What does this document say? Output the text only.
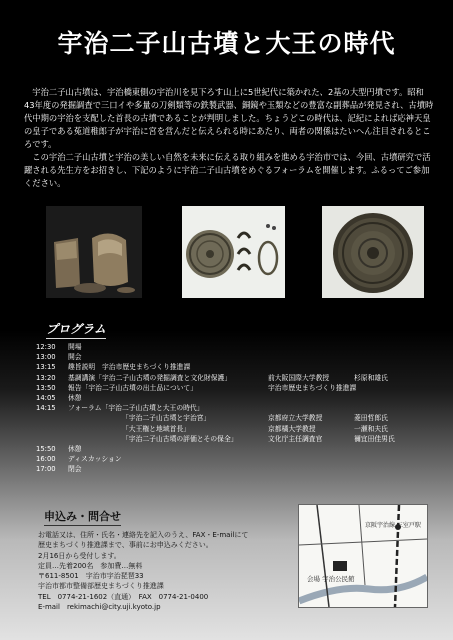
宇治二子山古墳と大王の時代

宇治二子山古墳は、宇治橋東側の宇治川を見下ろす山上に5世紀代に築かれた、2基の大型円墳です。昭和43年度の発掘調査で三口イや多量の刀剣類等の鉄製武器、銅鏡や玉類などの豊富な副葬品が発見され、古墳時代中期の宇治を支配した首長の古墳であることが判明しました。ちょうどこの時代は、記紀によれば応神天皇の皇子である菟道稚郎子が宇治に宮を営んだと伝えられる時にあたり、両者の関係はたいへん注目されるところです。

この宇治二子山古墳と宇治の美しい自然を未来に伝える取り組みを進める宇治市では、今回、古墳研究で活躍される先生方をお招きし、下記のように宇治二子山古墳をめぐるフォーラムを開催します。ふるってご参加ください。

プログラム
12:30 開場
13:00 開会
13:15 趣旨説明　宇治市歴史まちづくり推進課
13:20 基調講演「宇治二子山古墳の発掘調査と文化財保護」	前大阪国際大学教授	杉原和雄氏
13:50 報告「宇治二子山古墳の出土品について」	宇治市歴史まちづくり推進課
14:05 休憩
14:15 フォーラム「宇治二子山古墳と大王の時代」
「宇治二子山古墳と宇治宮」	京都府立大学教授	菱田哲郎氏
「大王権と地域首長」	京都橘大学教授	一瀬和夫氏
「宇治二子山古墳の評価とその保全」	文化庁主任調査官	禰宜田佳男氏
15:50 休憩
16:00 ディスカッション
17:00 閉会
申込み・問合せ
お電話又は、住所・氏名・連絡先を記入のうえ、FAX・E-mailにて
歴史まちづくり推進課まで、事前にお申込みください。
2月16日から受付します。
定員…先着200名　参加費…無料
〒611-8501　宇治市宇治琵琶33
宇治市都市整備部歴史まちづくり推進課
TEL　0774-21-1602（直通）　FAX　0774-21-0400
E-mail　rekimachi@city.uji.kyoto.jp
京阪宇治線 三室戸駅
会場 宇治公民館
